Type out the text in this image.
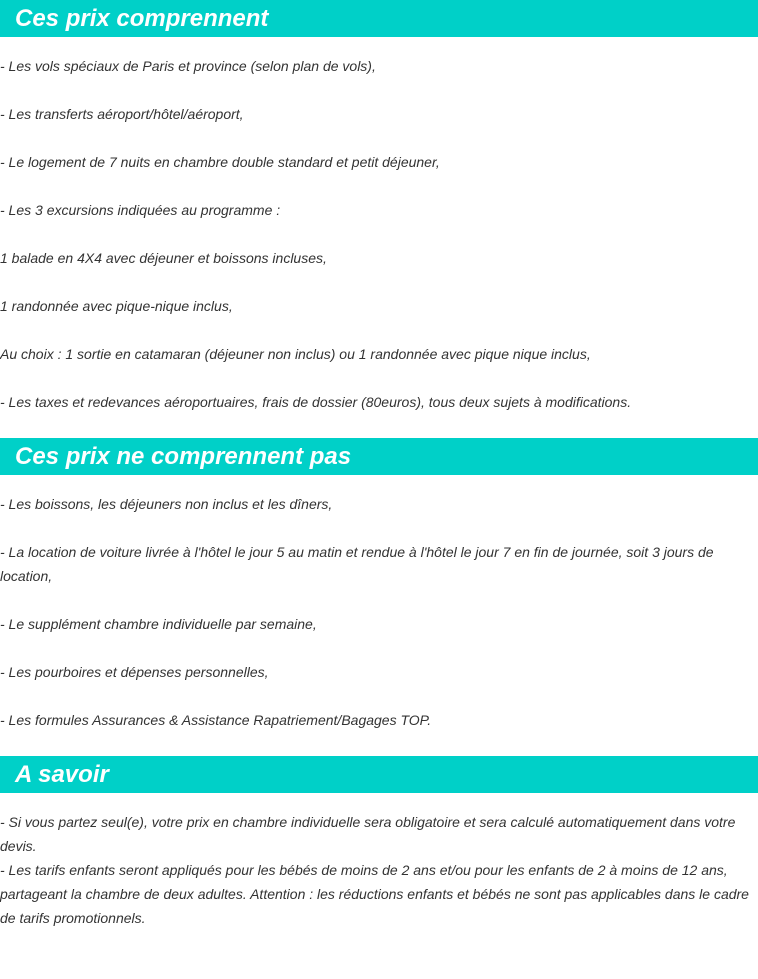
Ces prix comprennent

- Les vols spéciaux de Paris et province (selon plan de vols),

- Les transferts aéroport/hôtel/aéroport,

- Le logement de 7 nuits en chambre double standard et petit déjeuner,

- Les 3 excursions indiquées au programme :

1 balade en 4X4 avec déjeuner et boissons incluses,

1 randonnée avec pique-nique inclus,

Au choix : 1 sortie en catamaran (déjeuner non inclus) ou 1 randonnée avec pique nique inclus,

- Les taxes et redevances aéroportuaires, frais de dossier (80euros), tous deux sujets à modifications.

Ces prix ne comprennent pas

- Les boissons, les déjeuners non inclus et les dîners,

- La location de voiture livrée à l'hôtel le jour 5 au matin et rendue à l'hôtel le jour 7 en fin de journée, soit 3 jours de location,

- Le supplément chambre individuelle par semaine,

- Les pourboires et dépenses personnelles,

- Les formules Assurances & Assistance Rapatriement/Bagages TOP.

A savoir

- Si vous partez seul(e), votre prix en chambre individuelle sera obligatoire et sera calculé automatiquement dans votre devis.

- Les tarifs enfants seront appliqués pour les bébés de moins de 2 ans et/ou pour les enfants de 2 à moins de 12 ans, partageant la chambre de deux adultes. Attention : les réductions enfants et bébés ne sont pas applicables dans le cadre de tarifs promotionnels.
